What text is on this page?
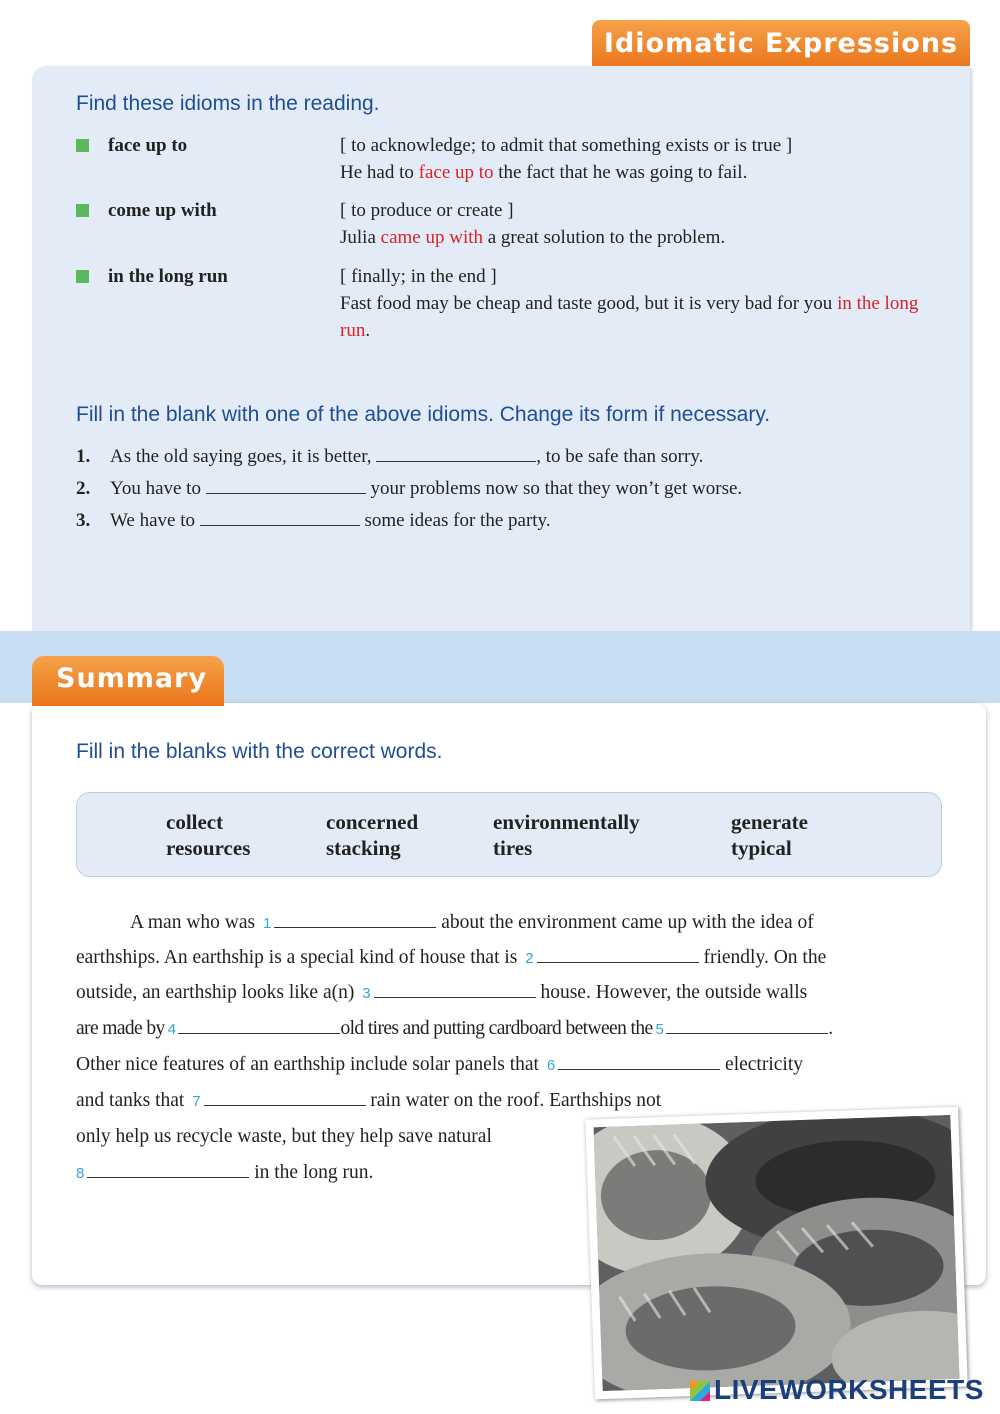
Idiomatic Expressions
Find these idioms in the reading.
face up to	[ to acknowledge; to admit that something exists or is true ]
He had to face up to the fact that he was going to fail.
come up with	[ to produce or create ]
Julia came up with a great solution to the problem.
in the long run	[ finally; in the end ]
Fast food may be cheap and taste good, but it is very bad for you in the long run.
Fill in the blank with one of the above idioms. Change its form if necessary.
1. As the old saying goes, it is better,	, to be safe than sorry.
2. You have to	your problems now so that they won’t get worse.
3. We have to	some ideas for the party.
Summary
Fill in the blanks with the correct words.
collect
resources
concerned
stacking
environmentally
tires
generate
typical
A man who was 1	about the environment came up with the idea of
earthships. An earthship is a special kind of house that is 2	friendly. On the
outside, an earthship looks like a(n) 3	house. However, the outside walls
are made by 4	old tires and putting cardboard between the 5	.
Other nice features of an earthship include solar panels that 6	electricity
and tanks that 7	rain water on the roof. Earthships not
only help us recycle waste, but they help save natural
8	in the long run.
LIVEWORKSHEETS
